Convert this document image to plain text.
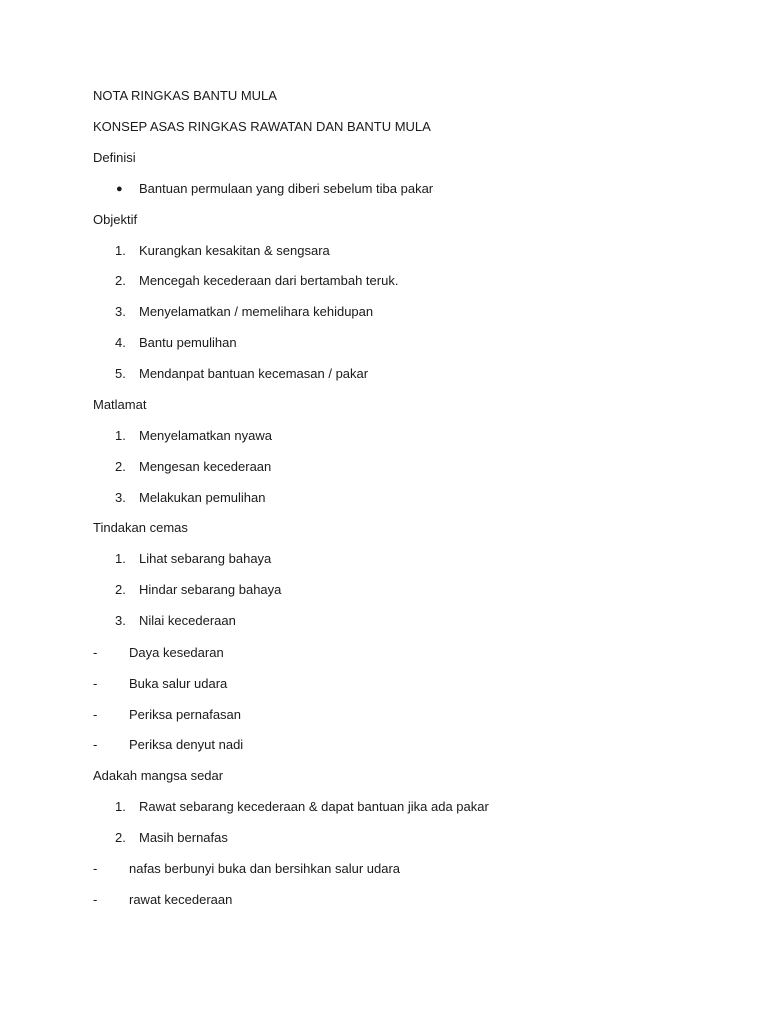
NOTA RINGKAS BANTU MULA
KONSEP ASAS RINGKAS RAWATAN DAN BANTU MULA
Definisi
● Bantuan permulaan yang diberi sebelum tiba pakar
Objektif
1.	Kurangkan kesakitan & sengsara
2.	Mencegah kecederaan dari bertambah teruk.
3.	Menyelamatkan / memelihara kehidupan
4.	Bantu pemulihan
5.	Mendanpat bantuan kecemasan / pakar
Matlamat
1.	Menyelamatkan nyawa
2.	Mengesan kecederaan
3.	Melakukan pemulihan
Tindakan cemas
1.	Lihat sebarang bahaya
2.	Hindar sebarang bahaya
3.	Nilai kecederaan
- Daya kesedaran
- Buka salur udara
- Periksa pernafasan
- Periksa denyut nadi
Adakah mangsa sedar
1.	Rawat sebarang kecederaan & dapat bantuan jika ada pakar
2.	Masih bernafas
- nafas berbunyi buka dan bersihkan salur udara
- rawat kecederaan
